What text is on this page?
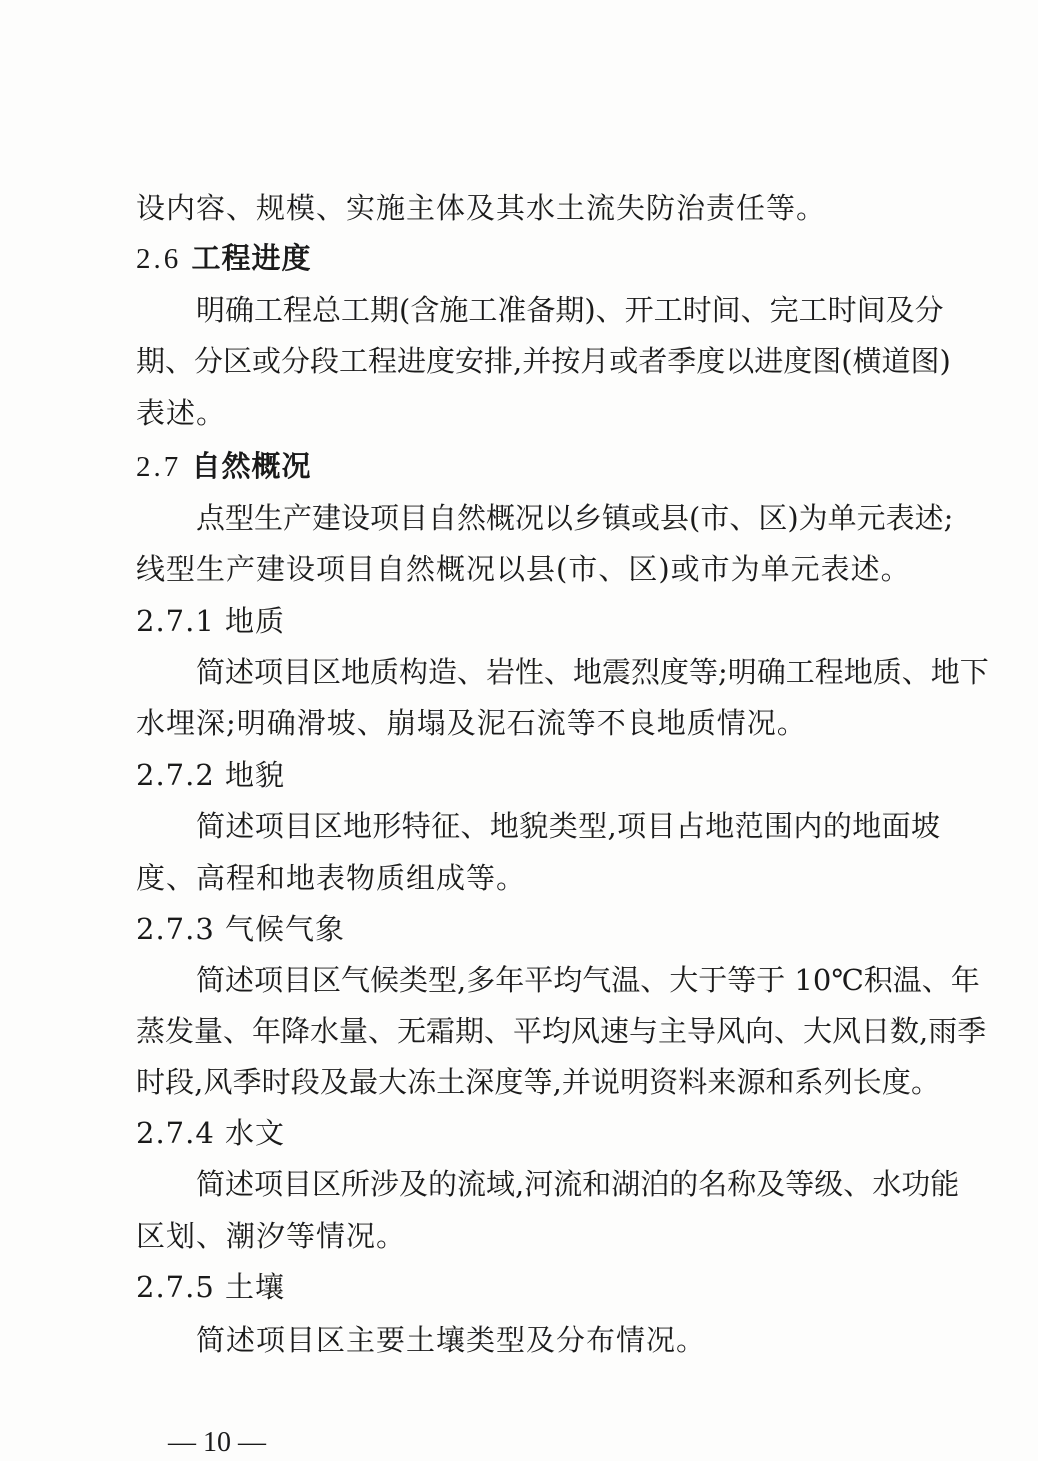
设内容、规模、实施主体及其水土流失防治责任等。
2.6 工程进度
明确工程总工期(含施工准备期)、开工时间、完工时间及分
期、分区或分段工程进度安排,并按月或者季度以进度图(横道图)
表述。
2.7 自然概况
点型生产建设项目自然概况以乡镇或县(市、区)为单元表述;
线型生产建设项目自然概况以县(市、区)或市为单元表述。
2.7.1 地质
简述项目区地质构造、岩性、地震烈度等;明确工程地质、地下
水埋深;明确滑坡、崩塌及泥石流等不良地质情况。
2.7.2 地貌
简述项目区地形特征、地貌类型,项目占地范围内的地面坡
度、高程和地表物质组成等。
2.7.3 气候气象
简述项目区气候类型,多年平均气温、大于等于 10℃积温、年
蒸发量、年降水量、无霜期、平均风速与主导风向、大风日数,雨季
时段,风季时段及最大冻土深度等,并说明资料来源和系列长度。
2.7.4 水文
简述项目区所涉及的流域,河流和湖泊的名称及等级、水功能
区划、潮汐等情况。
2.7.5 土壤
简述项目区主要土壤类型及分布情况。
— 10 —
